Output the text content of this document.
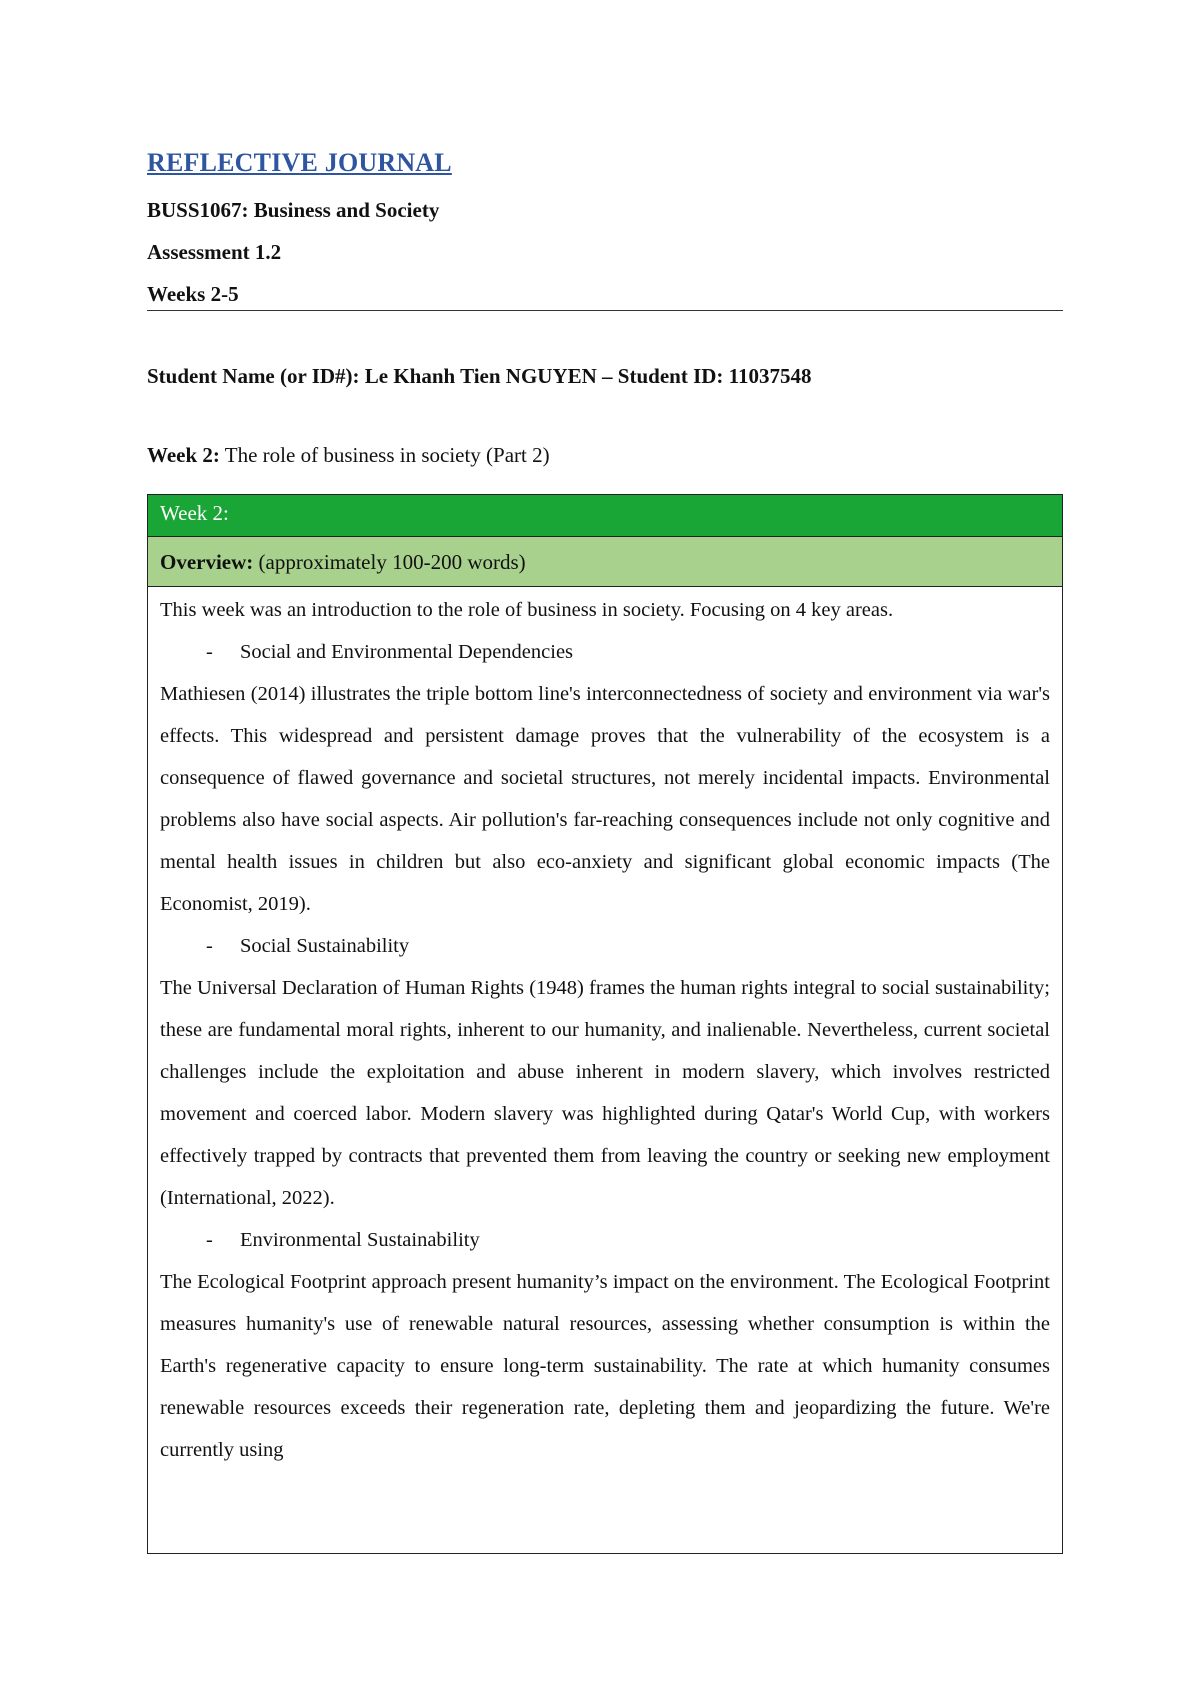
REFLECTIVE JOURNAL
BUSS1067: Business and Society
Assessment 1.2
Weeks 2-5
Student Name (or ID#): Le Khanh Tien NGUYEN – Student ID: 11037548
Week 2: The role of business in society (Part 2)
Week 2:
Overview: (approximately 100-200 words)

This week was an introduction to the role of business in society. Focusing on 4 key areas.

-	Social and Environmental Dependencies

Mathiesen (2014) illustrates the triple bottom line's interconnectedness of society and environment via war's effects. This widespread and persistent damage proves that the vulnerability of the ecosystem is a consequence of flawed governance and societal structures, not merely incidental impacts. Environmental problems also have social aspects. Air pollution's far-reaching consequences include not only cognitive and mental health issues in children but also eco-anxiety and significant global economic impacts (The Economist, 2019).

-	Social Sustainability

The Universal Declaration of Human Rights (1948) frames the human rights integral to social sustainability; these are fundamental moral rights, inherent to our humanity, and inalienable. Nevertheless, current societal challenges include the exploitation and abuse inherent in modern slavery, which involves restricted movement and coerced labor. Modern slavery was highlighted during Qatar's World Cup, with workers effectively trapped by contracts that prevented them from leaving the country or seeking new employment (International, 2022).

-	Environmental Sustainability

The Ecological Footprint approach present humanity’s impact on the environment. The Ecological Footprint measures humanity's use of renewable natural resources, assessing whether consumption is within the Earth's regenerative capacity to ensure long-term sustainability. The rate at which humanity consumes renewable resources exceeds their regeneration rate, depleting them and jeopardizing the future. We're currently using
